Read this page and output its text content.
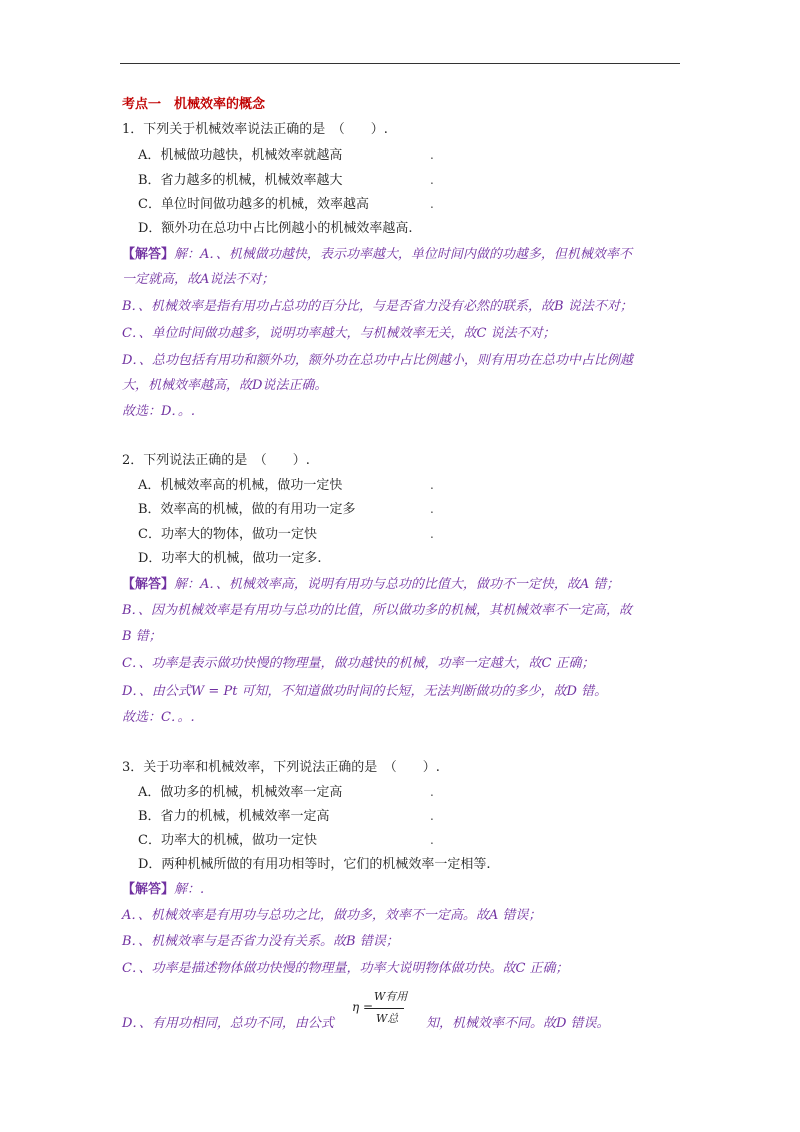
考点一　机械效率的概念
1．下列关于机械效率说法正确的是　（　　）.
A．机械做功越快，机械效率就越高	.
B．省力越多的机械，机械效率越大	.
C．单位时间做功越多的机械，效率越高	.
D．额外功在总功中占比例越小的机械效率越高.
【解答】解：A．、机械做功越快，表示功率越大，单位时间内做的功越多，但机械效率不
一定就高，故A说法不对；
B．、机械效率是指有用功占总功的百分比，与是否省力没有必然的联系，故B 说法不对；
C．、单位时间做功越多，说明功率越大，与机械效率无关，故C 说法不对；
D．、总功包括有用功和额外功，额外功在总功中占比例越小，则有用功在总功中占比例越
大，机械效率越高，故D说法正确。
故选：D．。.
2．下列说法正确的是　（　　）.
A．机械效率高的机械，做功一定快	.
B．效率高的机械，做的有用功一定多	.
C．功率大的物体，做功一定快	.
D．功率大的机械，做功一定多.
【解答】解：A．、机械效率高，说明有用功与总功的比值大，做功不一定快，故A 错；
B．、因为机械效率是有用功与总功的比值，所以做功多的机械，其机械效率不一定高，故
B 错；
C．、功率是表示做功快慢的物理量，做功越快的机械，功率一定越大，故C 正确；
D．、由公式W = Pt 可知，不知道做功时间的长短，无法判断做功的多少，故D 错。
故选：C．。.
3．关于功率和机械效率，下列说法正确的是　（　　）.
A．做功多的机械，机械效率一定高	.
B．省力的机械，机械效率一定高	.
C．功率大的机械，做功一定快	.
D．两种机械所做的有用功相等时，它们的机械效率一定相等.
【解答】解：.
A．、机械效率是有用功与总功之比，做功多，效率不一定高。故A 错误；
B．、机械效率与是否省力没有关系。故B 错误；
C．、功率是描述物体做功快慢的物理量，功率大说明物体做功快。故C 正确；
D．、有用功相同，总功不同，由公式
η =
W有用
W总 知，机械效率不同。故D 错误。
